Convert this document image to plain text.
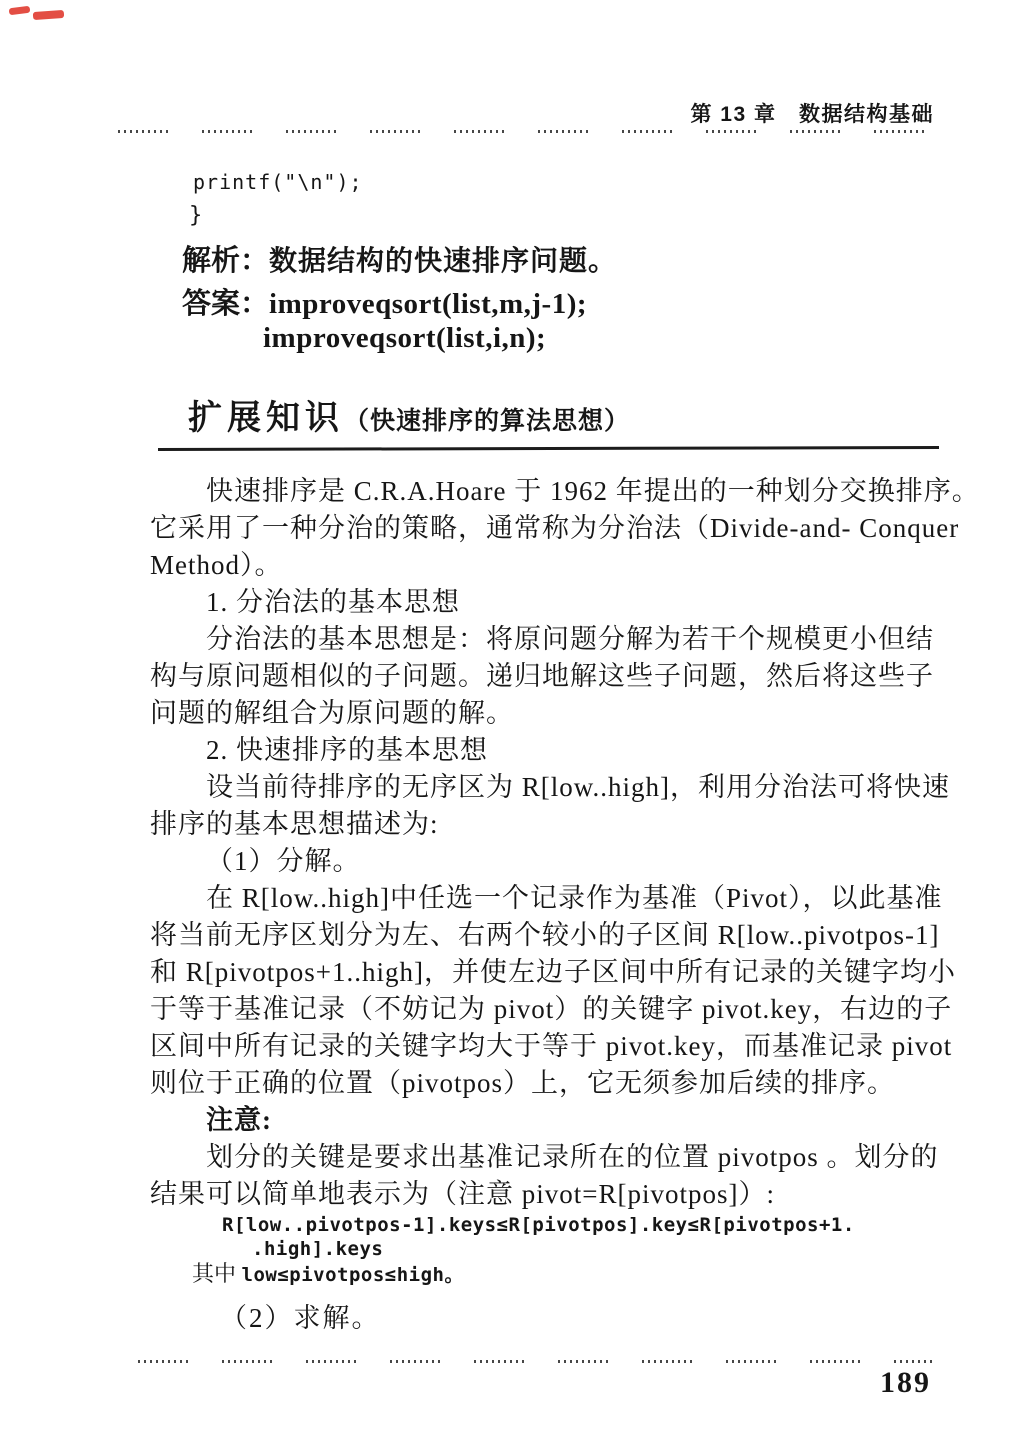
第 13 章　数据结构基础
printf("\n");
}
解析：数据结构的快速排序问题。
答案：improveqsort(list,m,j-1);
improveqsort(list,i,n);
扩展知识（快速排序的算法思想）
快速排序是 C.R.A.Hoare 于 1962 年提出的一种划分交换排序。
它采用了一种分治的策略，通常称为分治法（Divide-and- Conquer
Method）。
1. 分治法的基本思想
分治法的基本思想是：将原问题分解为若干个规模更小但结
构与原问题相似的子问题。递归地解这些子问题，然后将这些子
问题的解组合为原问题的解。
2. 快速排序的基本思想
设当前待排序的无序区为 R[low..high]，利用分治法可将快速
排序的基本思想描述为:
（1）分解。
在 R[low..high]中任选一个记录作为基准（Pivot），以此基准
将当前无序区划分为左、右两个较小的子区间 R[low..pivotpos-1]
和 R[pivotpos+1..high]，并使左边子区间中所有记录的关键字均小
于等于基准记录（不妨记为 pivot）的关键字 pivot.key，右边的子
区间中所有记录的关键字均大于等于 pivot.key，而基准记录 pivot
则位于正确的位置（pivotpos）上，它无须参加后续的排序。
注意:
划分的关键是要求出基准记录所在的位置 pivotpos 。划分的
结果可以简单地表示为（注意 pivot=R[pivotpos]）:
R[low..pivotpos-1].keys≤R[pivotpos].key≤R[pivotpos+1.
.high].keys
其中 low≤pivotpos≤high。
（2）求解。
189
